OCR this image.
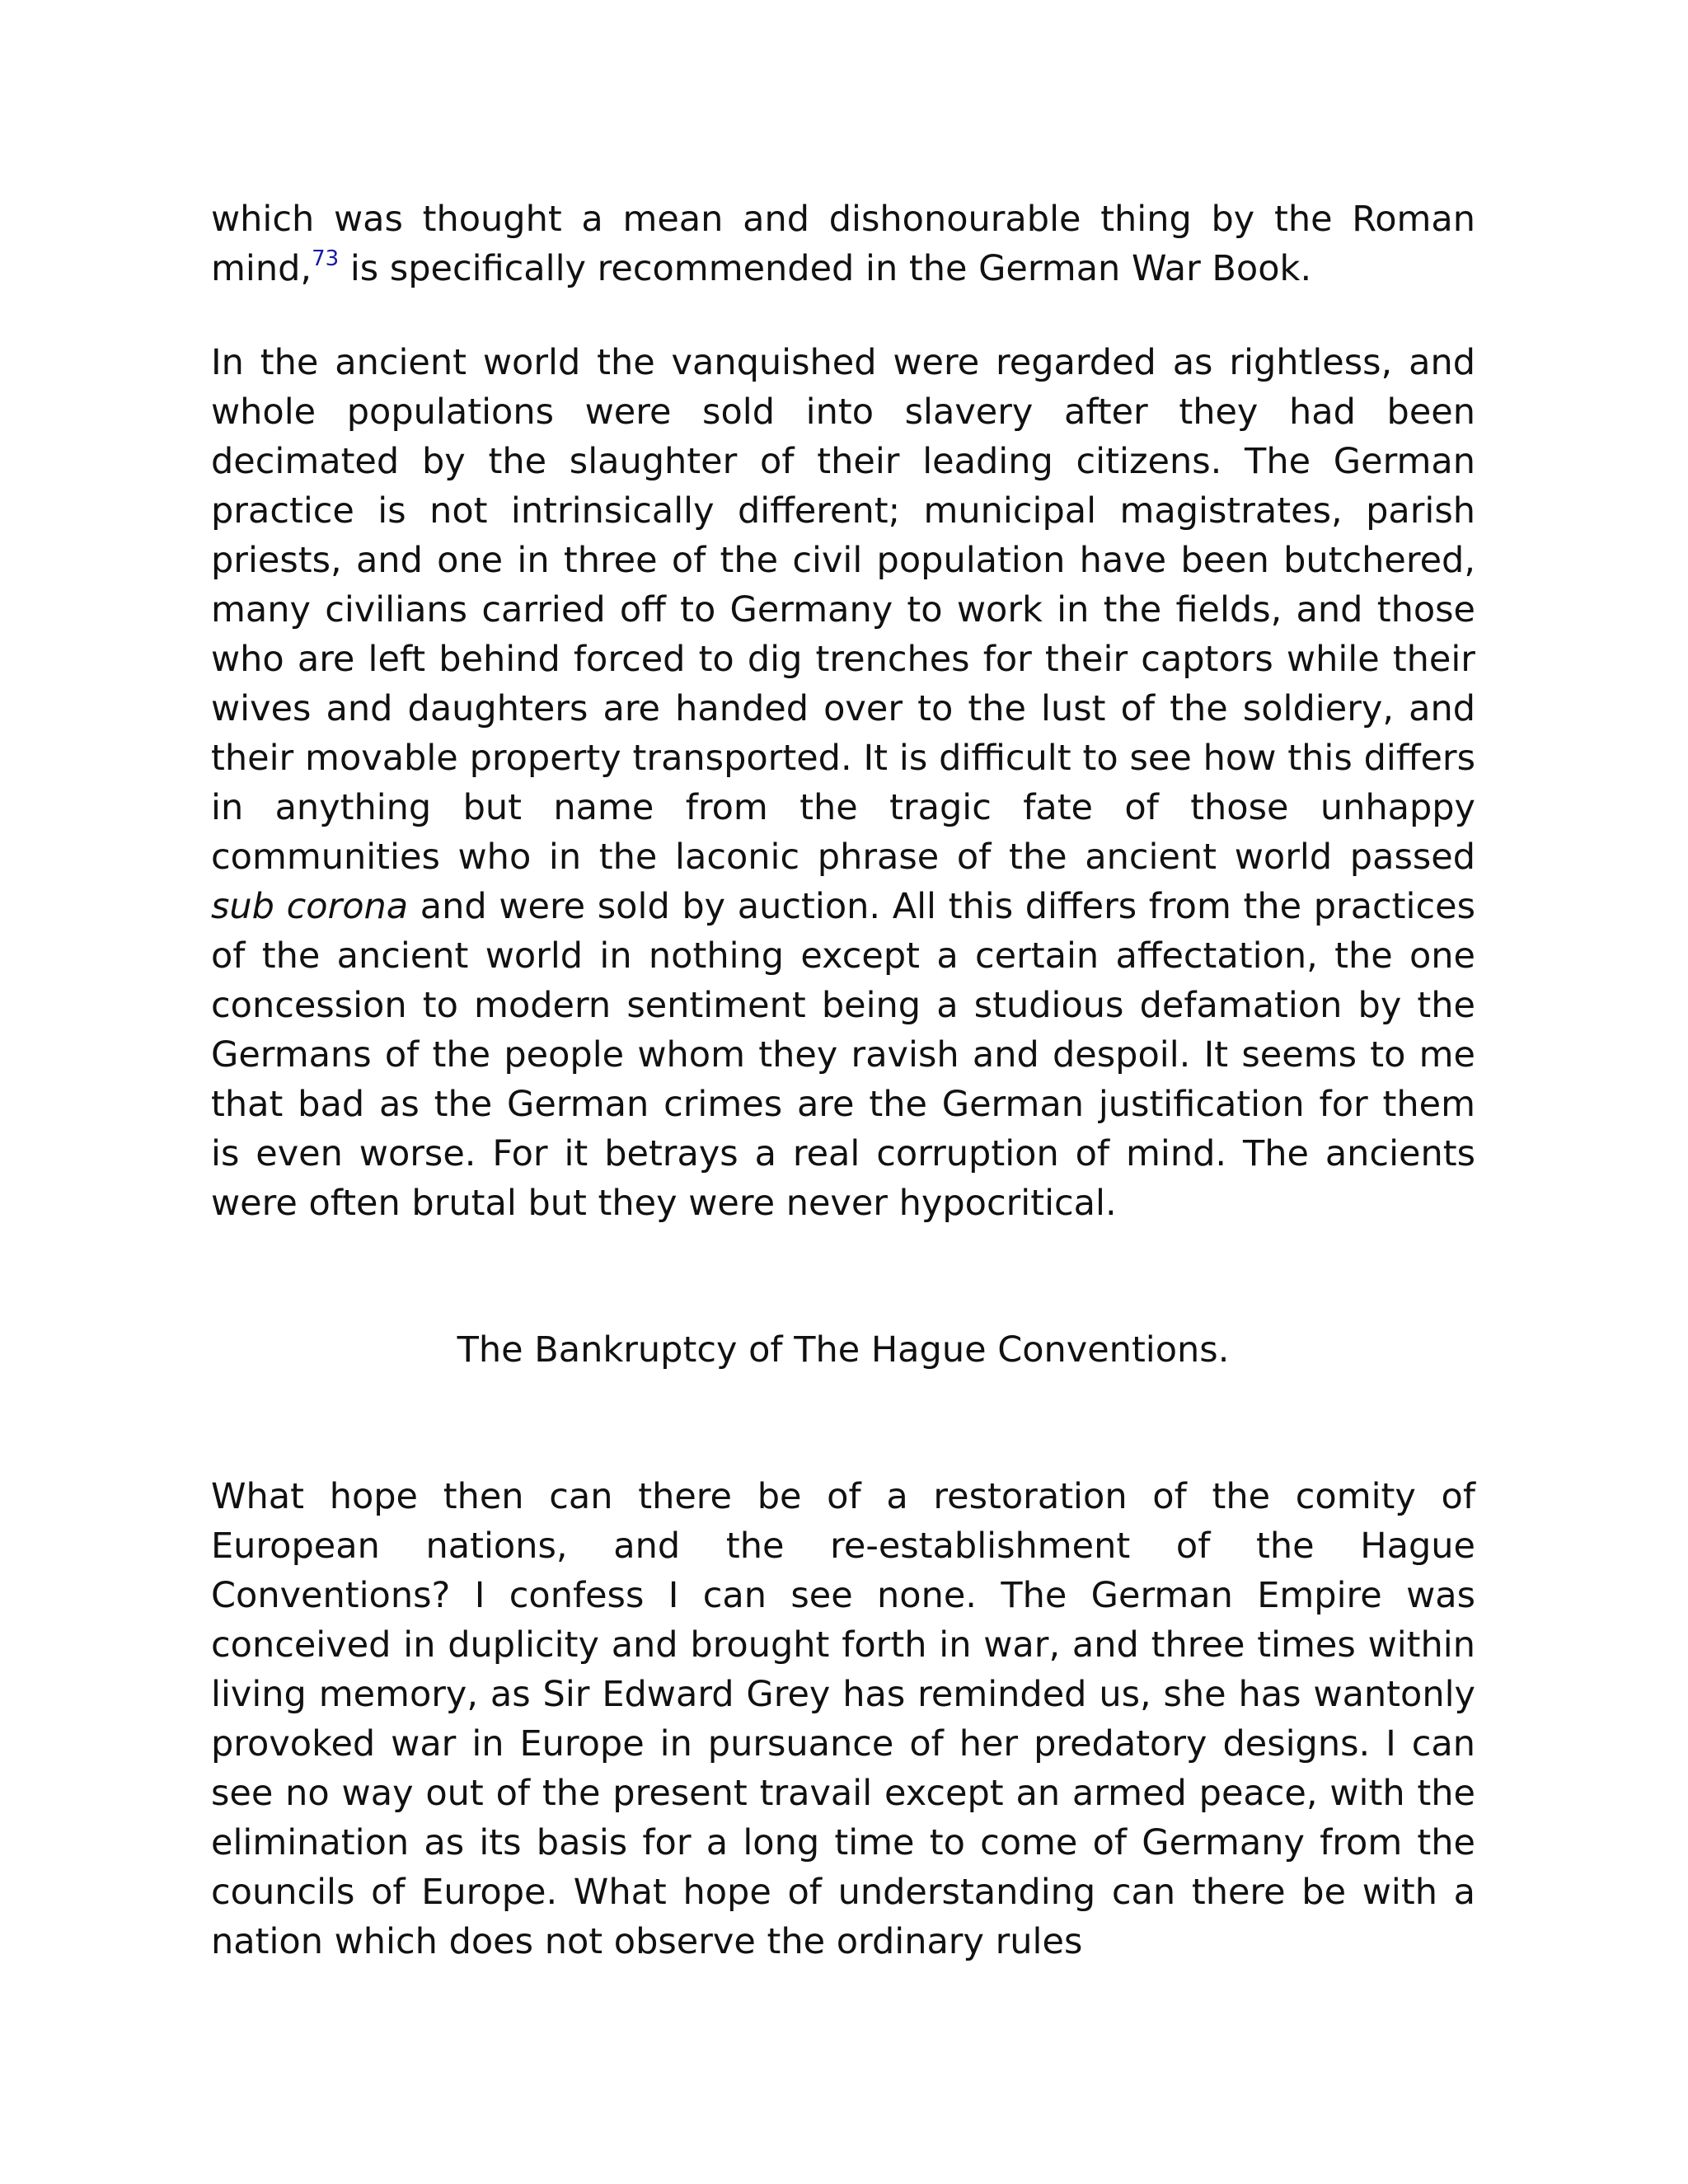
which was thought a mean and dishonourable thing by the Roman mind,$^{73}$ is specifically recommended in the German War Book.

In the ancient world the vanquished were regarded as rightless, and whole populations were sold into slavery after they had been decimated by the slaughter of their leading citizens. The German practice is not intrinsically different; municipal magistrates, parish priests, and one in three of the civil population have been butchered, many civilians carried off to Germany to work in the fields, and those who are left behind forced to dig trenches for their captors while their wives and daughters are handed over to the lust of the soldiery, and their movable property transported. It is difficult to see how this differs in anything but name from the tragic fate of those unhappy communities who in the laconic phrase of the ancient world passed sub corona and were sold by auction. All this differs from the practices of the ancient world in nothing except a certain affectation, the one concession to modern sentiment being a studious defamation by the Germans of the people whom they ravish and despoil. It seems to me that bad as the German crimes are the German justification for them is even worse. For it betrays a real corruption of mind. The ancients were often brutal but they were never hypocritical.

The Bankruptcy of The Hague Conventions.

What hope then can there be of a restoration of the comity of European nations, and the re-establishment of the Hague Conventions? I confess I can see none. The German Empire was conceived in duplicity and brought forth in war, and three times within living memory, as Sir Edward Grey has reminded us, she has wantonly provoked war in Europe in pursuance of her predatory designs. I can see no way out of the present travail except an armed peace, with the elimination as its basis for a long time to come of Germany from the councils of Europe. What hope of understanding can there be with a nation which does not observe the ordinary rules
